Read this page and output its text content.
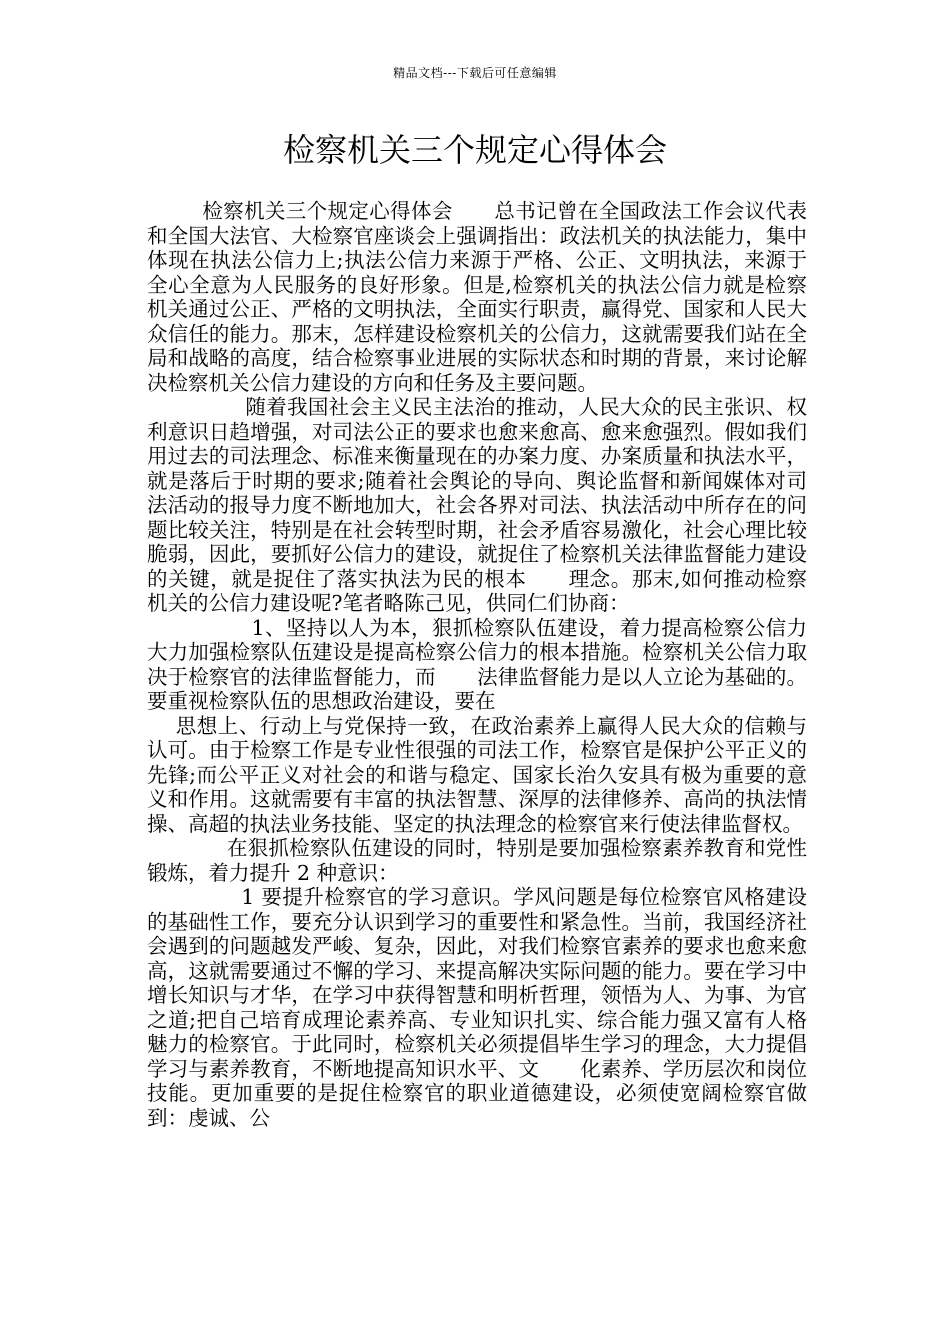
精品文档---下载后可任意编辑
检察机关三个规定心得体会

检察机关三个规定心得体会　　总书记曾在全国政法工作会议代表和全国大法官、大检察官座谈会上强调指出：政法机关的执法能力，集中体现在执法公信力上;执法公信力来源于严格、公正、文明执法，来源于全心全意为人民服务的良好形象。但是,检察机关的执法公信力就是检察机关通过公正、严格的文明执法，全面实行职责，赢得党、国家和人民大众信任的能力。那末，怎样建设检察机关的公信力，这就需要我们站在全局和战略的高度，结合检察事业进展的实际状态和时期的背景，来讨论解决检察机关公信力建设的方向和任务及主要问题。

随着我国社会主义民主法治的推动，人民大众的民主张识、权利意识日趋增强，对司法公正的要求也愈来愈高、愈来愈强烈。假如我们用过去的司法理念、标准来衡量现在的办案力度、办案质量和执法水平，就是落后于时期的要求;随着社会舆论的导向、舆论监督和新闻媒体对司法活动的报导力度不断地加大，社会各界对司法、执法活动中所存在的问题比较关注，特别是在社会转型时期，社会矛盾容易激化，社会心理比较脆弱，因此，要抓好公信力的建设，就捉住了检察机关法律监督能力建设的关键，就是捉住了落实执法为民的根本　　理念。那末,如何推动检察机关的公信力建设呢?笔者略陈己见，供同仁们协商：

1、坚持以人为本，狠抓检察队伍建设，着力提高检察公信力大力加强检察队伍建设是提高检察公信力的根本措施。检察机关公信力取决于检察官的法律监督能力，而　　法律监督能力是以人立论为基础的。要重视检察队伍的思想政治建设，要在

思想上、行动上与党保持一致，在政治素养上赢得人民大众的信赖与认可。由于检察工作是专业性很强的司法工作，检察官是保护公平正义的先锋;而公平正义对社会的和谐与稳定、国家长治久安具有极为重要的意义和作用。这就需要有丰富的执法智慧、深厚的法律修养、高尚的执法情操、高超的执法业务技能、坚定的执法理念的检察官来行使法律监督权。

在狠抓检察队伍建设的同时，特别是要加强检察素养教育和党性锻炼，着力提升 2 种意识：

1 要提升检察官的学习意识。学风问题是每位检察官风格建设的基础性工作，要充分认识到学习的重要性和紧急性。当前，我国经济社会遇到的问题越发严峻、复杂，因此，对我们检察官素养的要求也愈来愈高，这就需要通过不懈的学习、来提高解决实际问题的能力。要在学习中增长知识与才华，在学习中获得智慧和明析哲理，领悟为人、为事、为官之道;把自己培育成理论素养高、专业知识扎实、综合能力强又富有人格魅力的检察官。于此同时，检察机关必须提倡毕生学习的理念，大力提倡学习与素养教育，不断地提高知识水平、文　　化素养、学历层次和岗位技能。更加重要的是捉住检察官的职业道德建设，必须使宽阔检察官做到：虔诚、公
